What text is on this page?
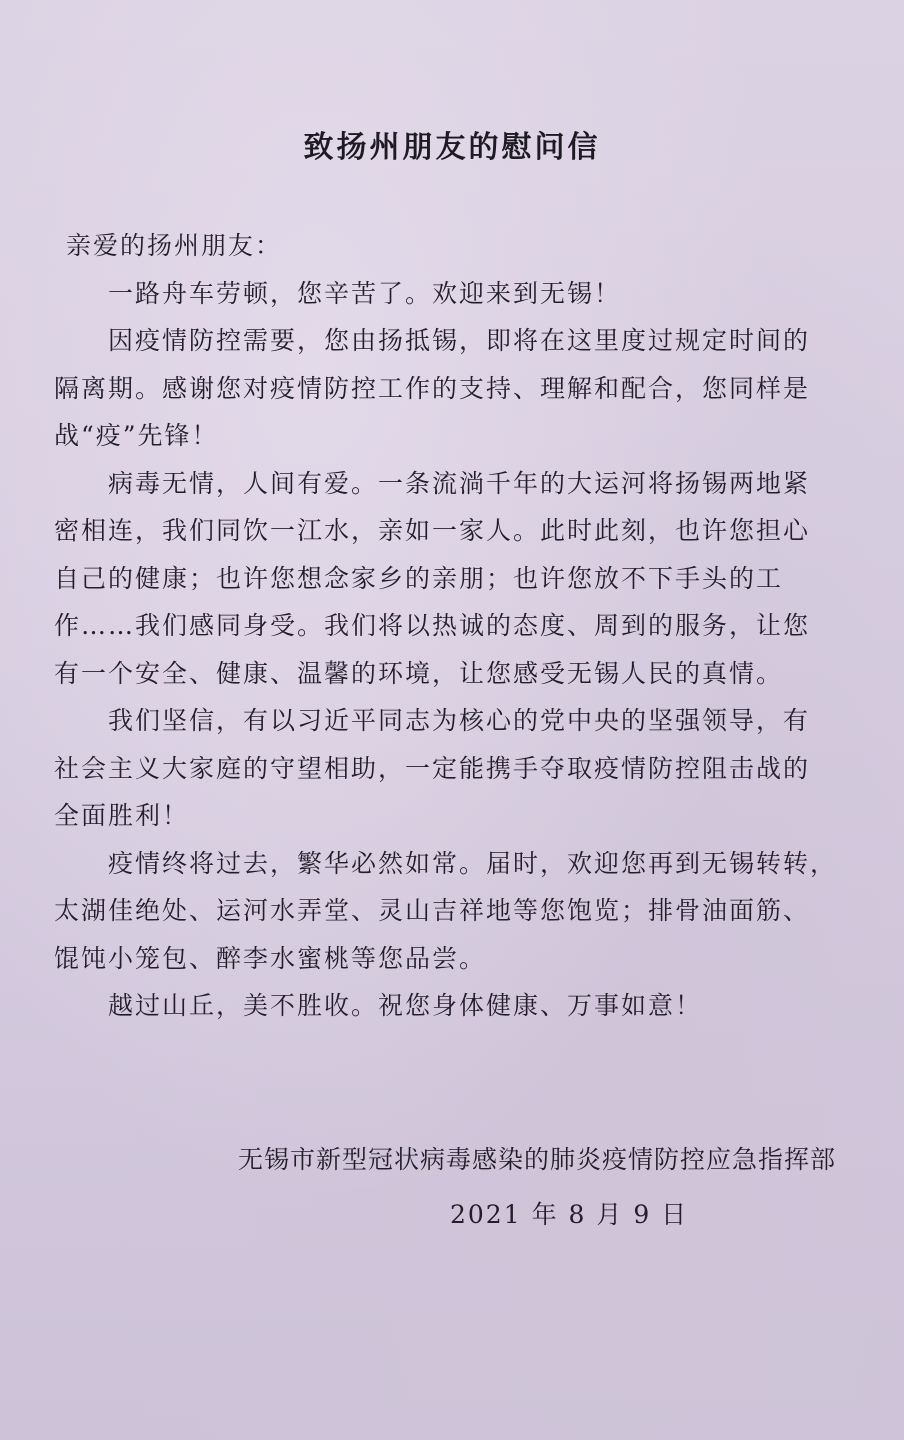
致扬州朋友的慰问信
亲爱的扬州朋友：
一路舟车劳顿，您辛苦了。欢迎来到无锡！
因疫情防控需要，您由扬抵锡，即将在这里度过规定时间的
隔离期。感谢您对疫情防控工作的支持、理解和配合，您同样是
战“疫”先锋！
病毒无情，人间有爱。一条流淌千年的大运河将扬锡两地紧
密相连，我们同饮一江水，亲如一家人。此时此刻，也许您担心
自己的健康；也许您想念家乡的亲朋；也许您放不下手头的工
作……我们感同身受。我们将以热诚的态度、周到的服务，让您
有一个安全、健康、温馨的环境，让您感受无锡人民的真情。
我们坚信，有以习近平同志为核心的党中央的坚强领导，有
社会主义大家庭的守望相助，一定能携手夺取疫情防控阻击战的
全面胜利！
疫情终将过去，繁华必然如常。届时，欢迎您再到无锡转转，
太湖佳绝处、运河水弄堂、灵山吉祥地等您饱览；排骨油面筋、
馄饨小笼包、醉李水蜜桃等您品尝。
越过山丘，美不胜收。祝您身体健康、万事如意！
无锡市新型冠状病毒感染的肺炎疫情防控应急指挥部
2021 年 8 月 9 日
